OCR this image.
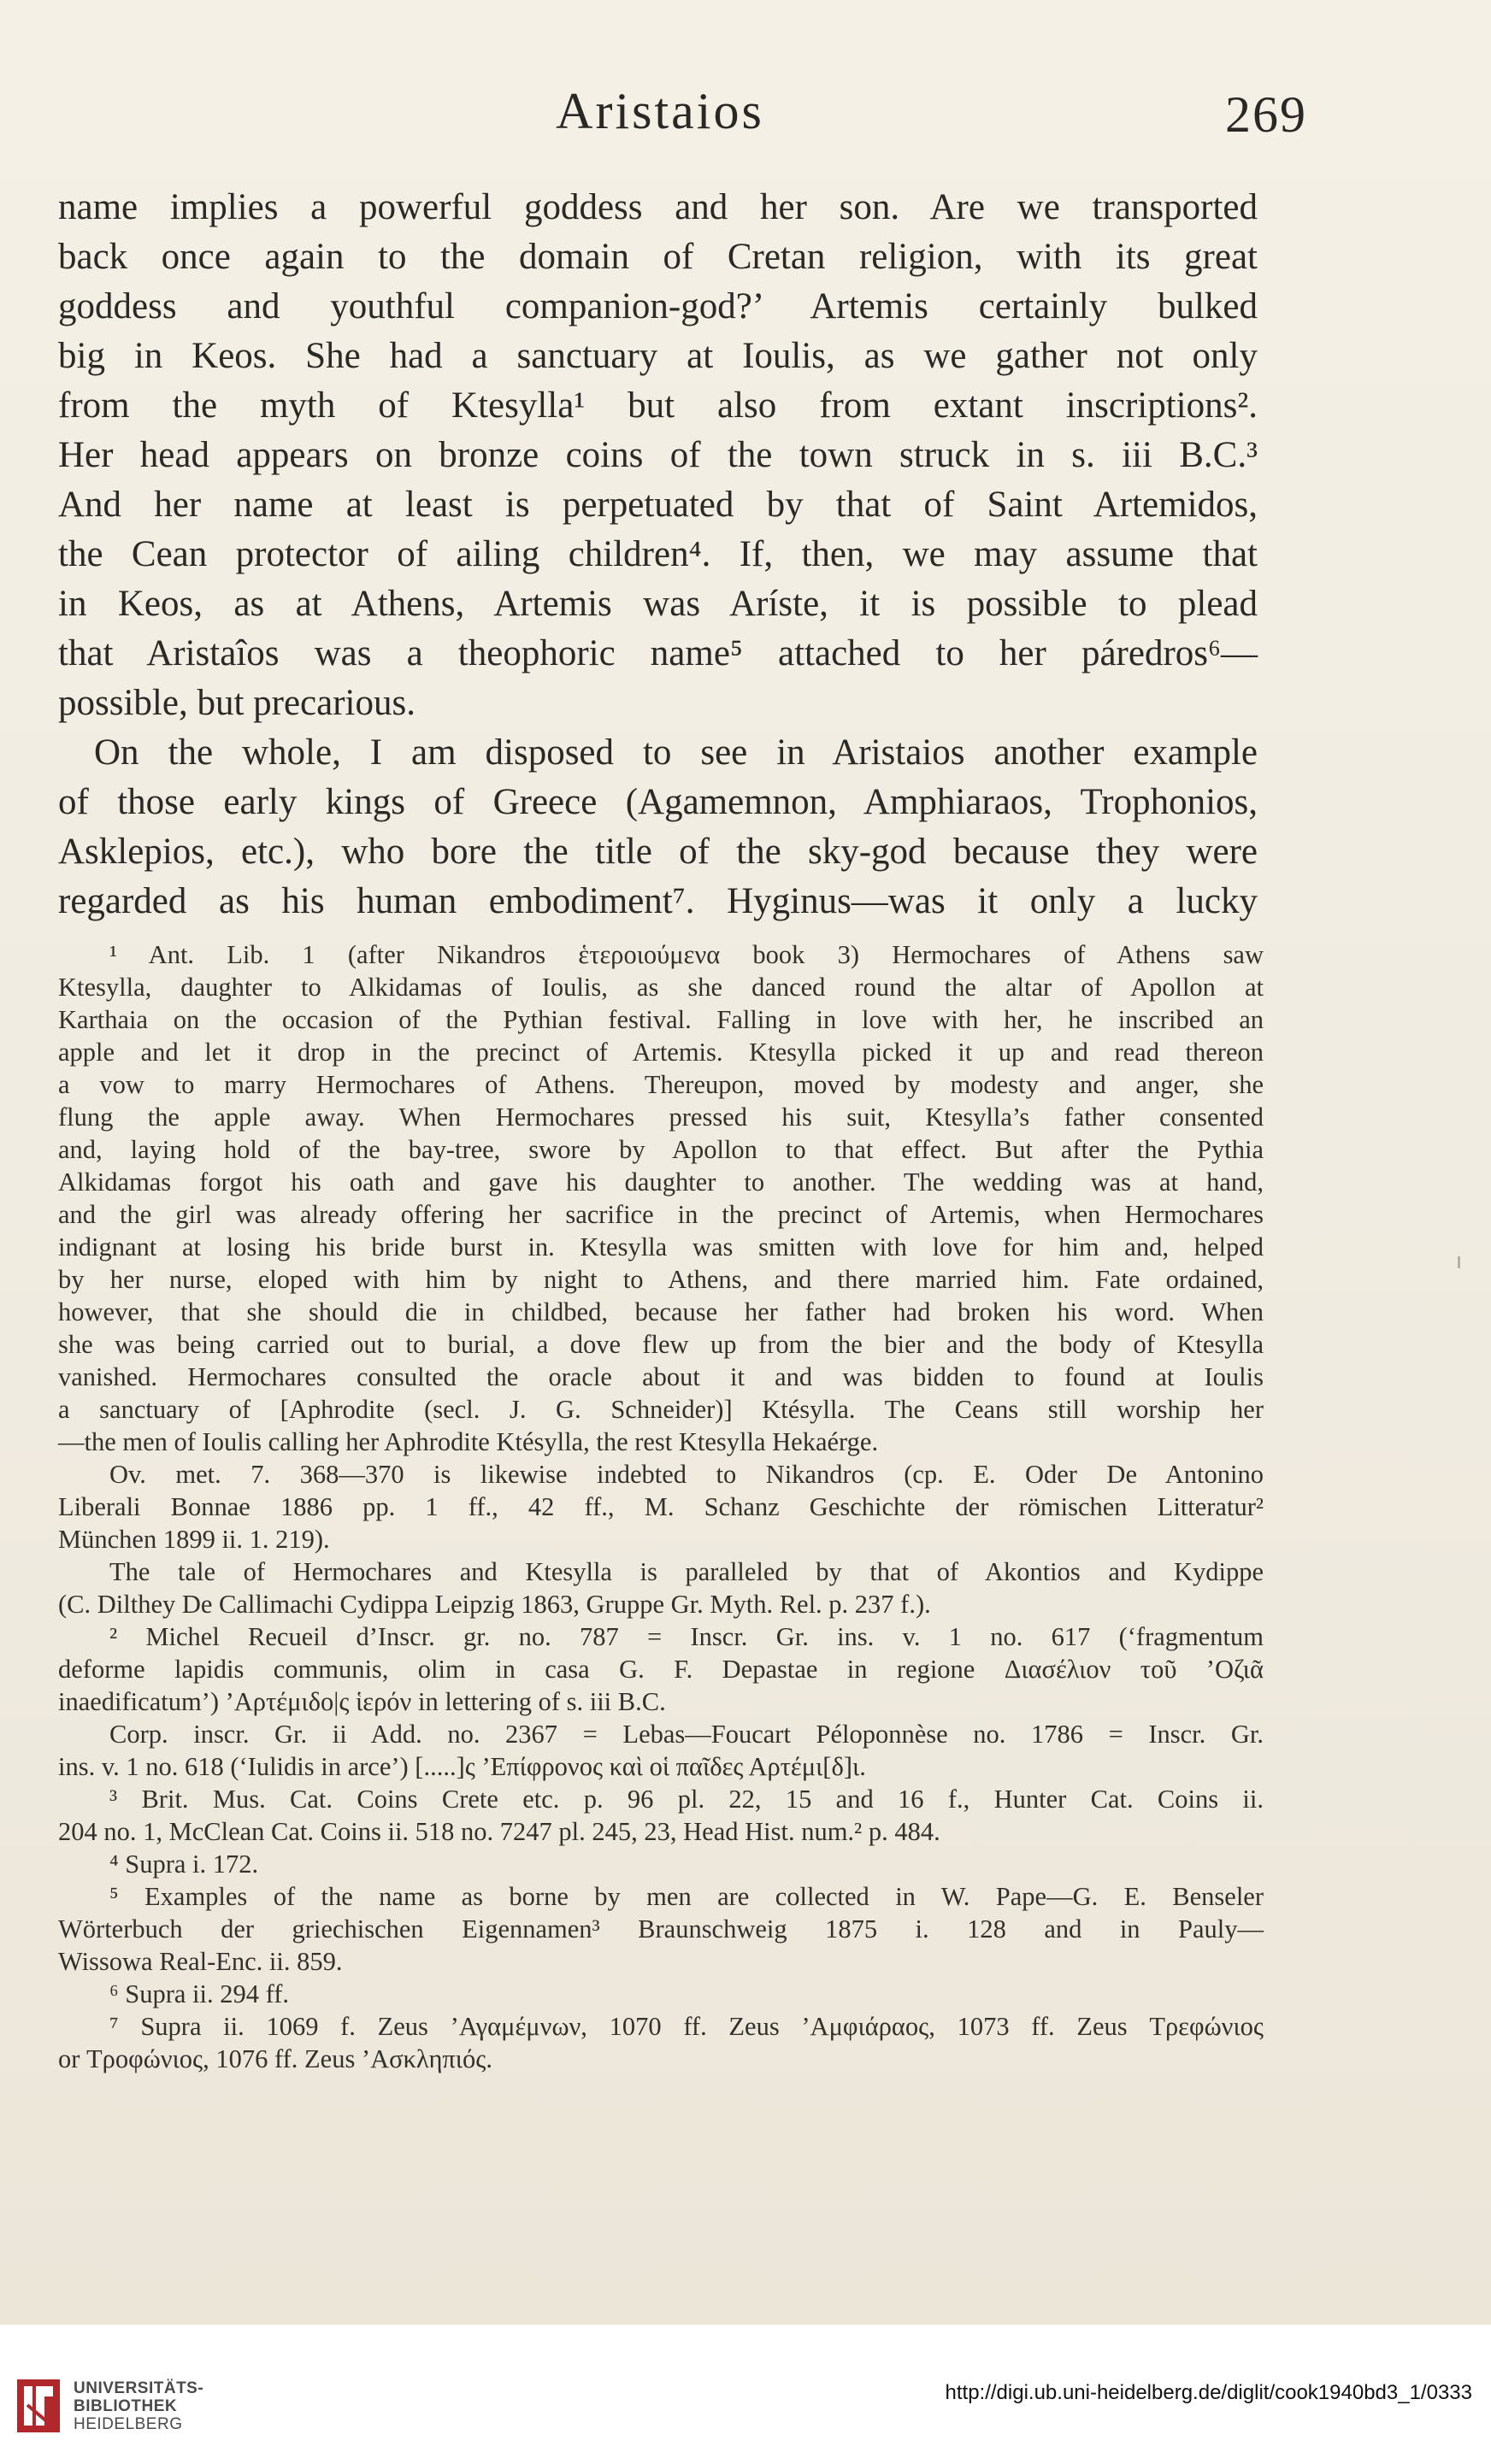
Aristaios	269
name implies a powerful goddess and her son. Are we transported
back once again to the domain of Cretan religion, with its great
goddess and youthful companion-god?’ Artemis certainly bulked
big in Keos. She had a sanctuary at Ioulis, as we gather not only
from the myth of Ktesylla¹ but also from extant inscriptions².
Her head appears on bronze coins of the town struck in s. iii B.C.³
And her name at least is perpetuated by that of Saint Artemidos,
the Cean protector of ailing children⁴. If, then, we may assume that
in Keos, as at Athens, Artemis was Aríste, it is possible to plead
that Aristaîos was a theophoric name⁵ attached to her páredros⁶—
possible, but precarious.
On the whole, I am disposed to see in Aristaios another example
of those early kings of Greece (Agamemnon, Amphiaraos, Trophonios,
Asklepios, etc.), who bore the title of the sky-god because they were
regarded as his human embodiment⁷. Hyginus—was it only a lucky
¹ Ant. Lib. 1 (after Nikandros ἑτεροιούμενα book 3) Hermochares of Athens saw
Ktesylla, daughter to Alkidamas of Ioulis, as she danced round the altar of Apollon at
Karthaia on the occasion of the Pythian festival. Falling in love with her, he inscribed an
apple and let it drop in the precinct of Artemis. Ktesylla picked it up and read thereon
a vow to marry Hermochares of Athens. Thereupon, moved by modesty and anger, she
flung the apple away. When Hermochares pressed his suit, Ktesylla’s father consented
and, laying hold of the bay-tree, swore by Apollon to that effect. But after the Pythia
Alkidamas forgot his oath and gave his daughter to another. The wedding was at hand,
and the girl was already offering her sacrifice in the precinct of Artemis, when Hermochares
indignant at losing his bride burst in. Ktesylla was smitten with love for him and, helped
by her nurse, eloped with him by night to Athens, and there married him. Fate ordained,
however, that she should die in childbed, because her father had broken his word. When
she was being carried out to burial, a dove flew up from the bier and the body of Ktesylla
vanished. Hermochares consulted the oracle about it and was bidden to found at Ioulis
a sanctuary of [Aphrodite (secl. J. G. Schneider)] Ktésylla. The Ceans still worship her
—the men of Ioulis calling her Aphrodite Ktésylla, the rest Ktesylla Hekaérge.
Ov. met. 7. 368—370 is likewise indebted to Nikandros (cp. E. Oder De Antonino
Liberali Bonnae 1886 pp. 1 ff., 42 ff., M. Schanz Geschichte der römischen Litteratur²
München 1899 ii. 1. 219).
The tale of Hermochares and Ktesylla is paralleled by that of Akontios and Kydippe
(C. Dilthey De Callimachi Cydippa Leipzig 1863, Gruppe Gr. Myth. Rel. p. 237 f.).
² Michel Recueil d’Inscr. gr. no. 787 = Inscr. Gr. ins. v. 1 no. 617 (‘fragmentum
deforme lapidis communis, olim in casa G. F. Depastae in regione Διασέλιον τοῦ ’Οζιᾶ
inaedificatum’) ’Αρτέμιδο|ς ἱερόν in lettering of s. iii B.C.
Corp. inscr. Gr. ii Add. no. 2367 = Lebas—Foucart Péloponnèse no. 1786 = Inscr. Gr.
ins. v. 1 no. 618 (‘Iulidis in arce’) [.....]ς ’Επίφρονος καὶ οἱ παῖδες Αρτέμι[δ]ι.
³ Brit. Mus. Cat. Coins Crete etc. p. 96 pl. 22, 15 and 16 f., Hunter Cat. Coins ii.
204 no. 1, McClean Cat. Coins ii. 518 no. 7247 pl. 245, 23, Head Hist. num.² p. 484.
⁴ Supra i. 172.
⁵ Examples of the name as borne by men are collected in W. Pape—G. E. Benseler
Wörterbuch der griechischen Eigennamen³ Braunschweig 1875 i. 128 and in Pauly—
Wissowa Real-Enc. ii. 859.
⁶ Supra ii. 294 ff.
⁷ Supra ii. 1069 f. Zeus ’Αγαμέμνων, 1070 ff. Zeus ’Αμφιάραος, 1073 ff. Zeus Τρεφώνιος
or Τροφώνιος, 1076 ff. Zeus ’Ασκληπιός.
UNIVERSITÄTS-
BIBLIOTHEK
HEIDELBERG
http://digi.ub.uni-heidelberg.de/diglit/cook1940bd3_1/0333
